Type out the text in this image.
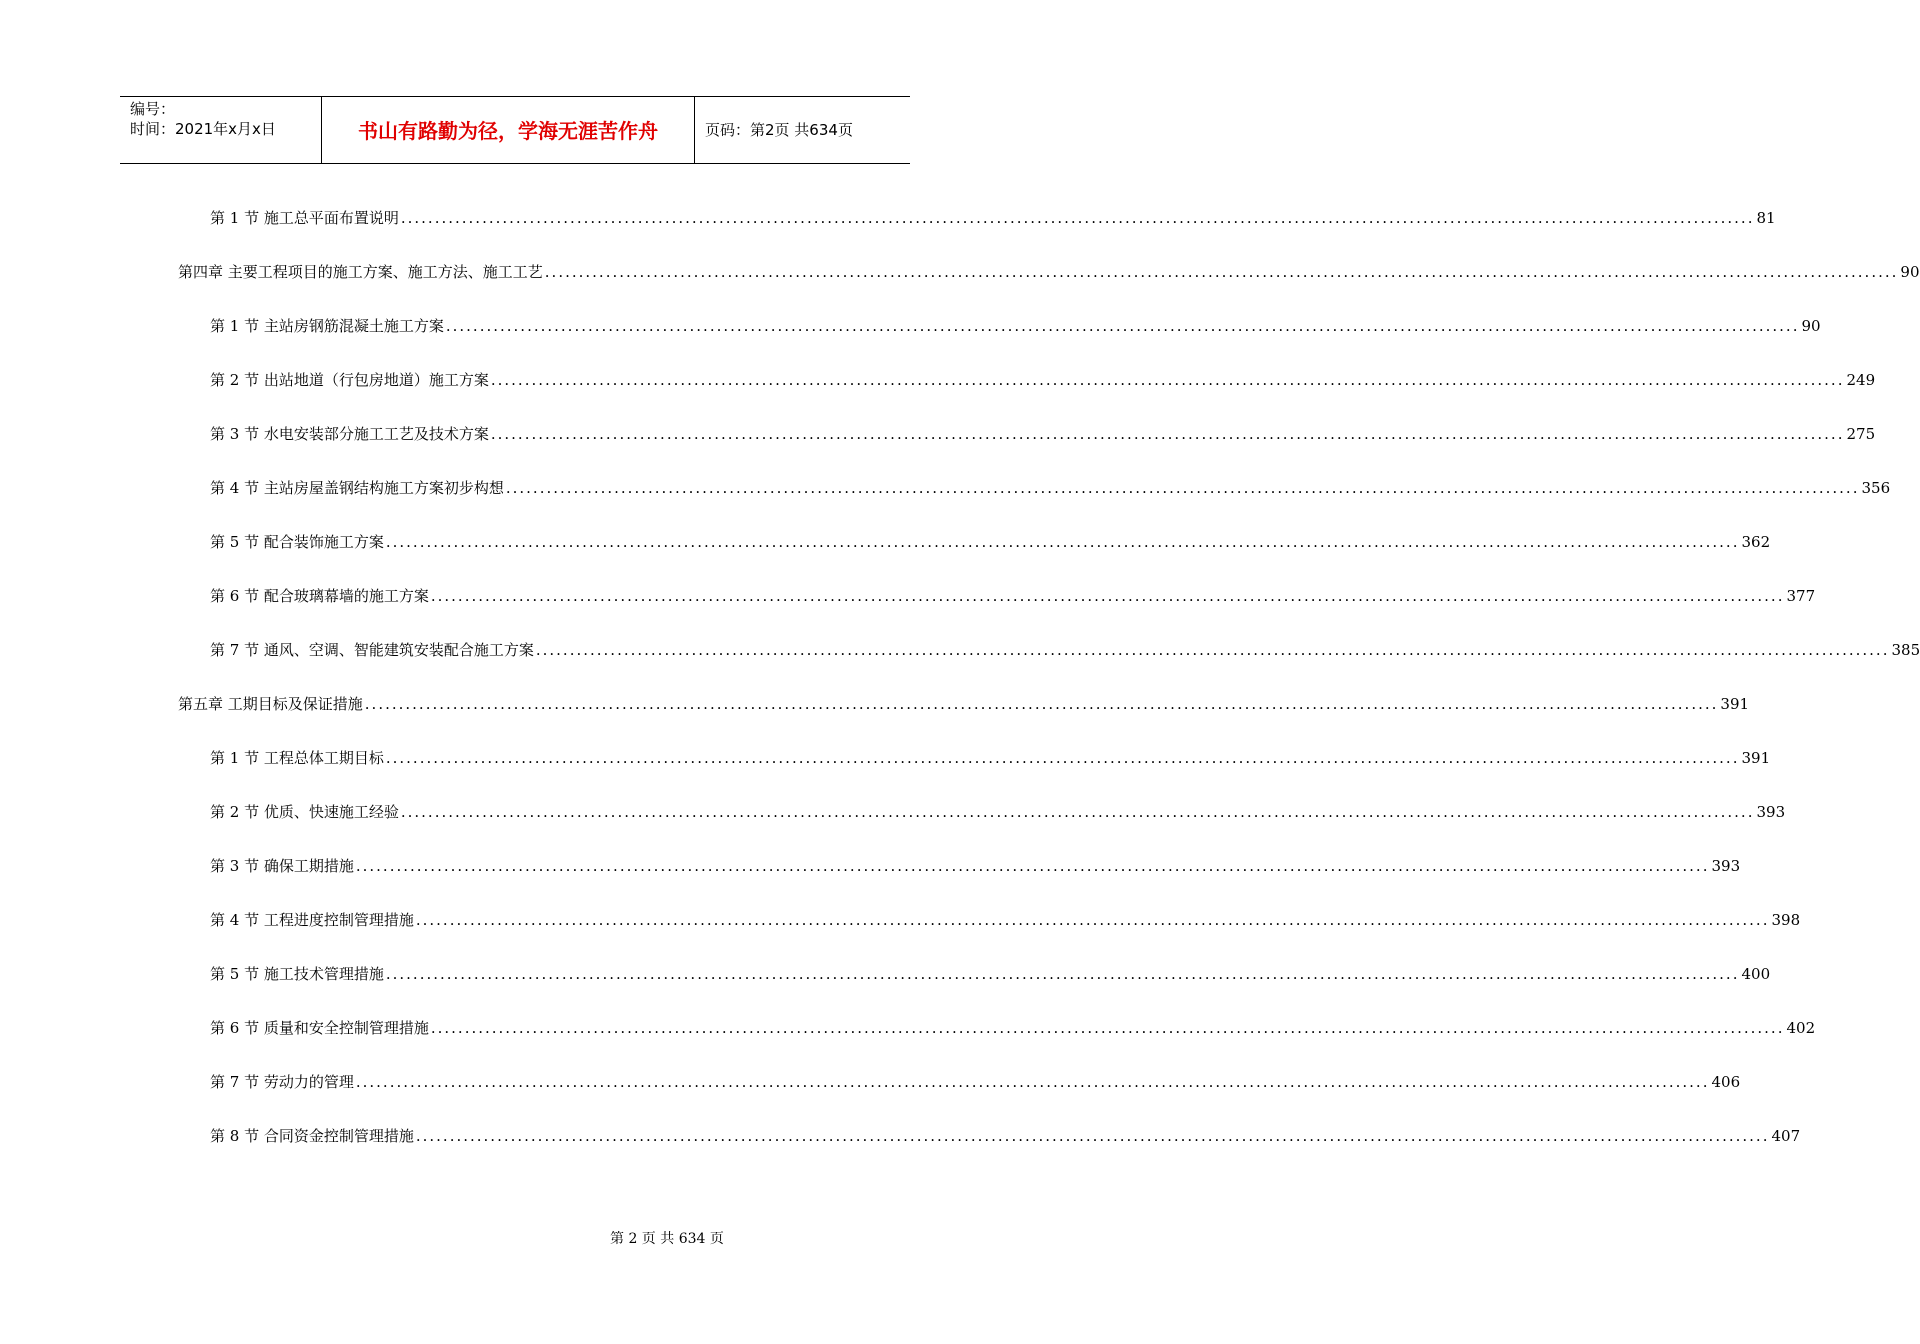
编号：
时间：2021年x月x日	书山有路勤为径，学海无涯苦作舟	页码：第2页 共634页
第 1 节 施工总平面布置说明 ........................................................................................................................................................................................................ 81
第四章 主要工程项目的施工方案、施工方法、施工工艺 ........................................................................................................................................................................................................ 90
第 1 节 主站房钢筋混凝土施工方案 ........................................................................................................................................................................................................ 90
第 2 节 出站地道（行包房地道）施工方案 ........................................................................................................................................................................................................ 249
第 3 节 水电安装部分施工工艺及技术方案 ........................................................................................................................................................................................................ 275
第 4 节 主站房屋盖钢结构施工方案初步构想 ........................................................................................................................................................................................................ 356
第 5 节 配合装饰施工方案 ........................................................................................................................................................................................................ 362
第 6 节 配合玻璃幕墙的施工方案 ........................................................................................................................................................................................................ 377
第 7 节 通风、空调、智能建筑安装配合施工方案 ........................................................................................................................................................................................................ 385
第五章 工期目标及保证措施 ........................................................................................................................................................................................................ 391
第 1 节 工程总体工期目标 ........................................................................................................................................................................................................ 391
第 2 节 优质、快速施工经验 ........................................................................................................................................................................................................ 393
第 3 节 确保工期措施 ........................................................................................................................................................................................................ 393
第 4 节 工程进度控制管理措施 ........................................................................................................................................................................................................ 398
第 5 节 施工技术管理措施 ........................................................................................................................................................................................................ 400
第 6 节 质量和安全控制管理措施 ........................................................................................................................................................................................................ 402
第 7 节 劳动力的管理 ........................................................................................................................................................................................................ 406
第 8 节 合同资金控制管理措施 ........................................................................................................................................................................................................ 407
第 2 页 共 634 页
